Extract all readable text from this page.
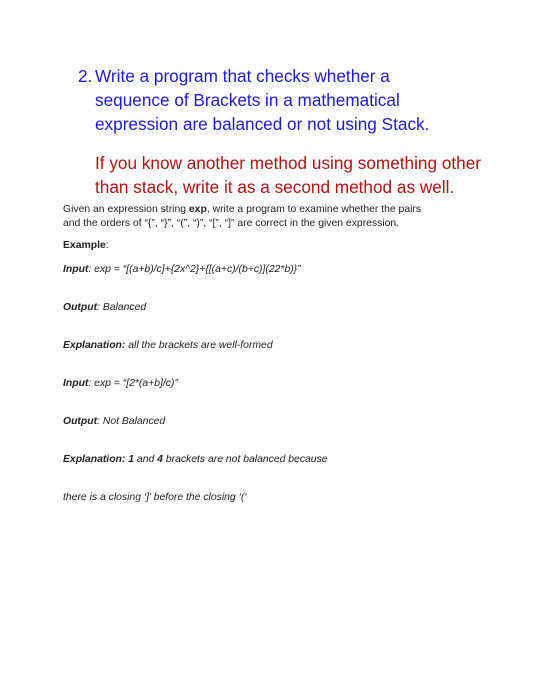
2. Write a program that checks whether a
sequence of Brackets in a mathematical
expression are balanced or not using Stack.
If you know another method using something other
than stack, write it as a second method as well.
Given an expression string exp, write a program to examine whether the pairs
and the orders of “{”, “}”, “(”, “)”, “[”, “]” are correct in the given expression.
Example:
Input: exp = “[(a+b)/c]+{2x^2}+{[(a+c)/(b+c)](22*b)}”
Output: Balanced
Explanation: all the brackets are well-formed
Input: exp = “[2*(a+b]/c)”
Output: Not Balanced
Explanation: 1 and 4 brackets are not balanced because
there is a closing ‘]’ before the closing ‘(‘
